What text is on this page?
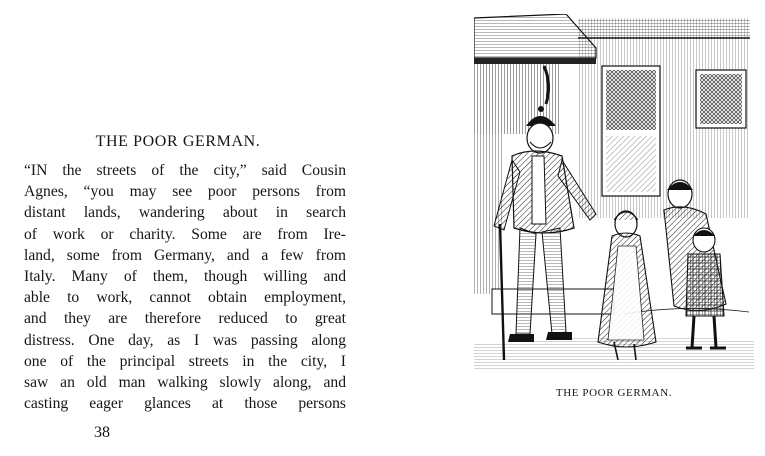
THE POOR GERMAN.

“IN the streets of the city,” said Cousin
Agnes, “you may see poor persons from
distant lands, wandering about in search
of work or charity. Some are from Ire-
land, some from Germany, and a few from
Italy. Many of them, though willing and
able to work, cannot obtain employment,
and they are therefore reduced to great
distress. One day, as I was passing along
one of the principal streets in the city, I
saw an old man walking slowly along, and
casting eager glances at those persons

38
THE POOR GERMAN.
